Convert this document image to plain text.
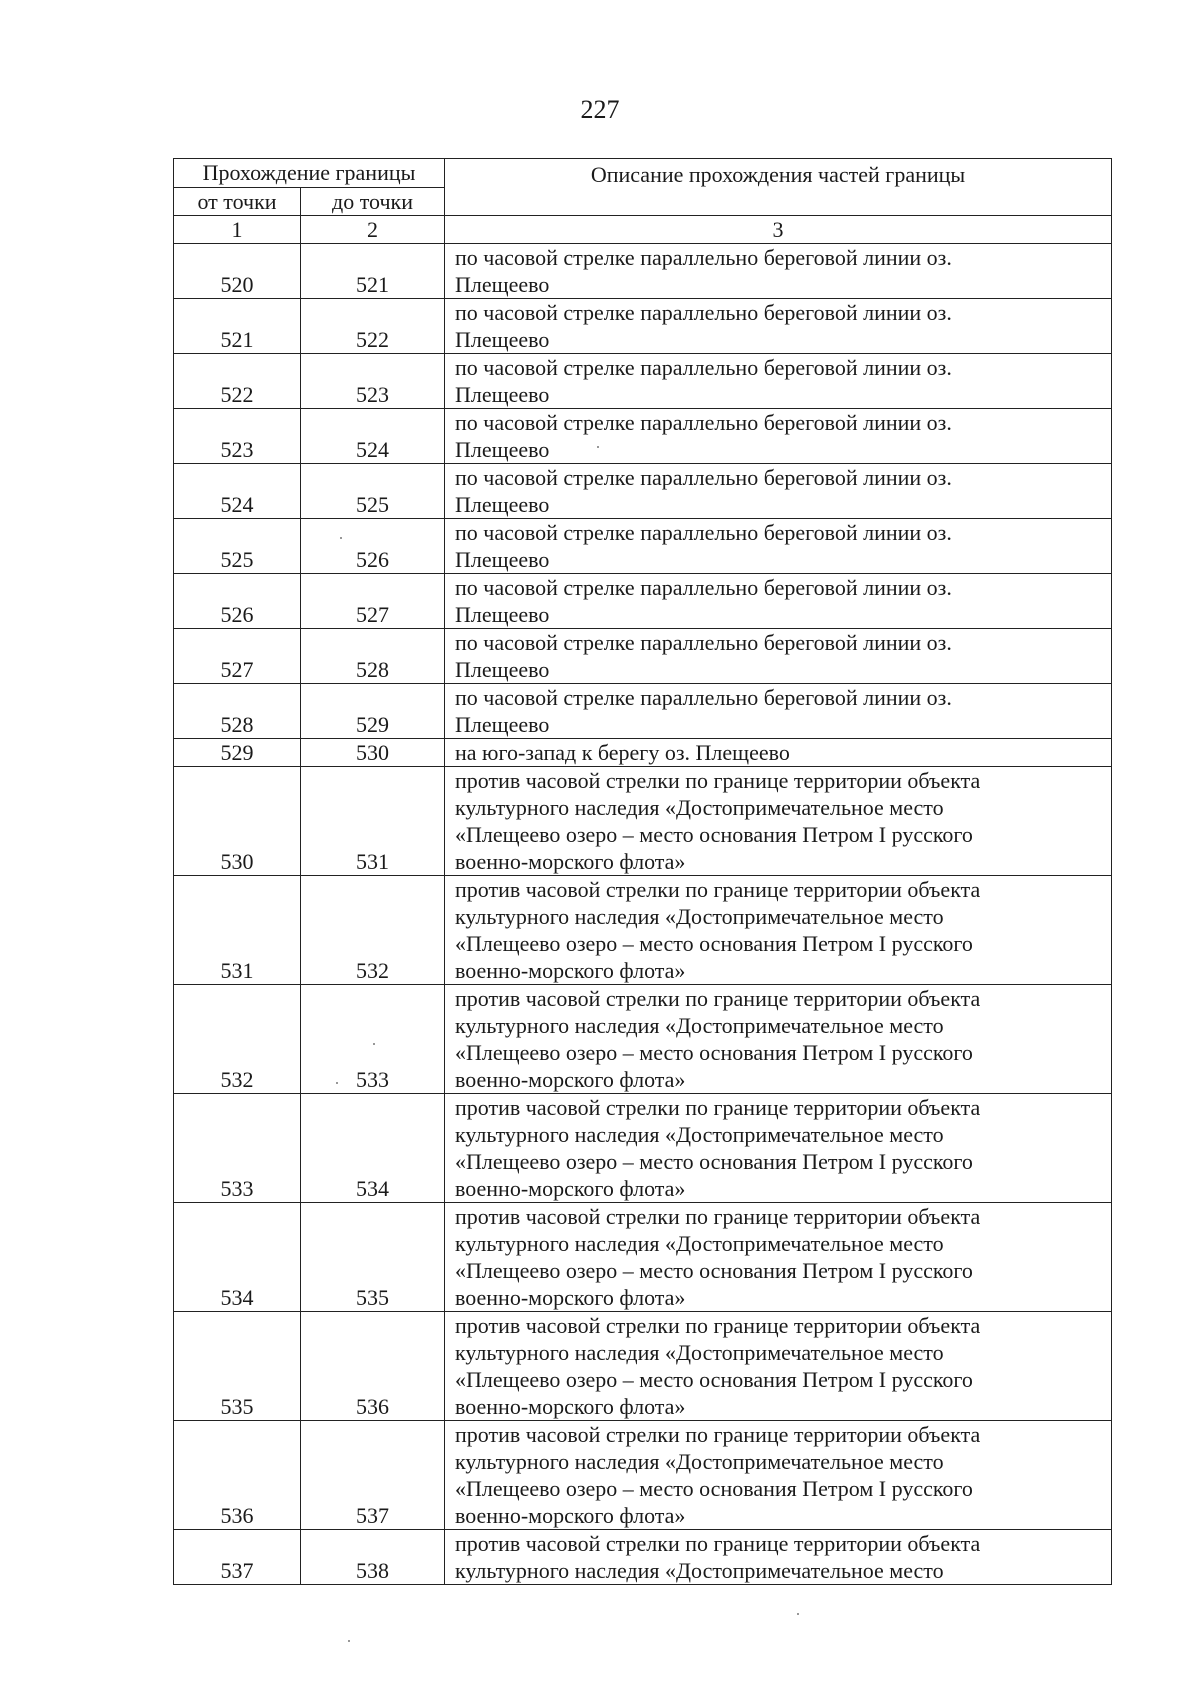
227
Прохождение границы		Описание прохождения частей границы
от точки	до точки	
1	2	3
520	521	по часовой стрелке параллельно береговой линии оз.
Плещеево
521	522	по часовой стрелке параллельно береговой линии оз.
Плещеево
522	523	по часовой стрелке параллельно береговой линии оз.
Плещеево
523	524	по часовой стрелке параллельно береговой линии оз.
Плещеево
524	525	по часовой стрелке параллельно береговой линии оз.
Плещеево
525	526	по часовой стрелке параллельно береговой линии оз.
Плещеево
526	527	по часовой стрелке параллельно береговой линии оз.
Плещеево
527	528	по часовой стрелке параллельно береговой линии оз.
Плещеево
528	529	по часовой стрелке параллельно береговой линии оз.
Плещеево
529	530	на юго-запад к берегу оз. Плещеево
530	531	против часовой стрелки по границе территории объекта
культурного наследия «Достопримечательное место
«Плещеево озеро – место основания Петром I русского
военно-морского флота»
531	532	против часовой стрелки по границе территории объекта
культурного наследия «Достопримечательное место
«Плещеево озеро – место основания Петром I русского
военно-морского флота»
532	533	против часовой стрелки по границе территории объекта
культурного наследия «Достопримечательное место
«Плещеево озеро – место основания Петром I русского
военно-морского флота»
533	534	против часовой стрелки по границе территории объекта
культурного наследия «Достопримечательное место
«Плещеево озеро – место основания Петром I русского
военно-морского флота»
534	535	против часовой стрелки по границе территории объекта
культурного наследия «Достопримечательное место
«Плещеево озеро – место основания Петром I русского
военно-морского флота»
535	536	против часовой стрелки по границе территории объекта
культурного наследия «Достопримечательное место
«Плещеево озеро – место основания Петром I русского
военно-морского флота»
536	537	против часовой стрелки по границе территории объекта
культурного наследия «Достопримечательное место
«Плещеево озеро – место основания Петром I русского
военно-морского флота»
537	538	против часовой стрелки по границе территории объекта
культурного наследия «Достопримечательное место
